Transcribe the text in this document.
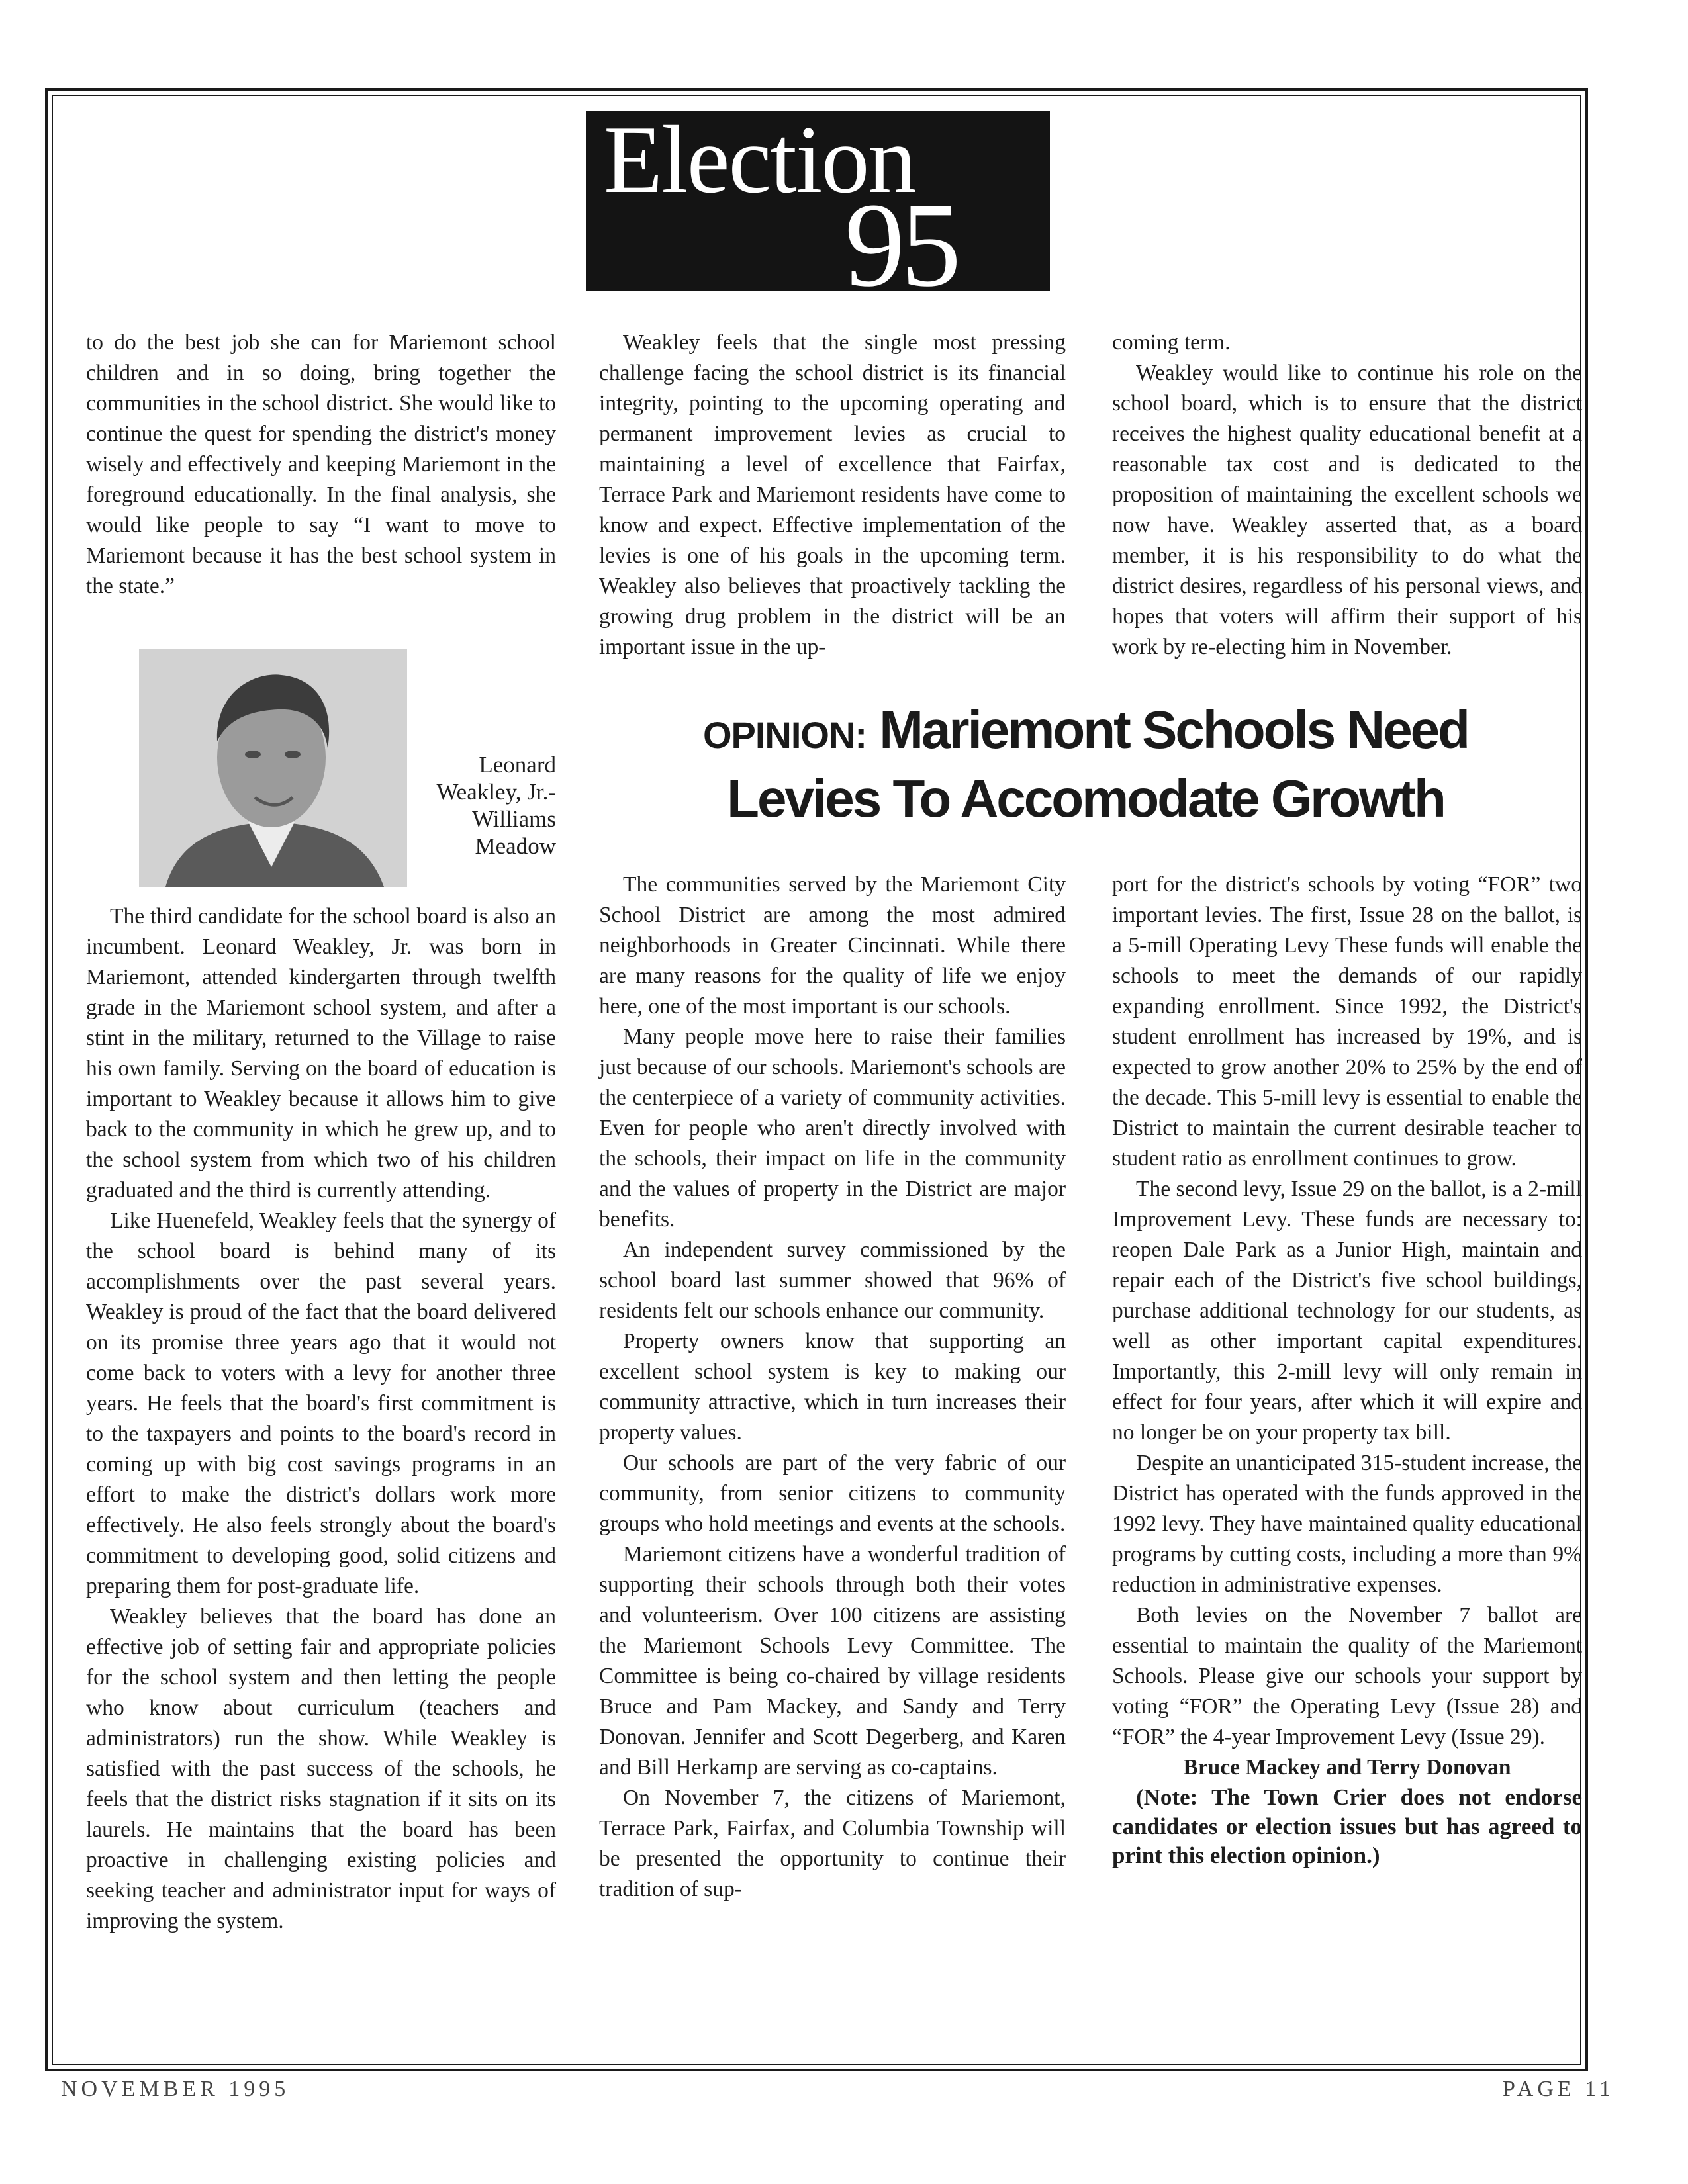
Election
95

to do the best job she can for Mariemont school children and in so doing, bring together the communities in the school district. She would like to continue the quest for spending the district's money wisely and effectively and keeping Mariemont in the foreground educationally. In the final analysis, she would like people to say “I want to move to Mariemont because it has the best school system in the state.”

Leonard Weakley, Jr.- Williams Meadow

The third candidate for the school board is also an incumbent. Leonard Weakley, Jr. was born in Mariemont, attended kindergarten through twelfth grade in the Mariemont school system, and after a stint in the military, returned to the Village to raise his own family. Serving on the board of education is important to Weakley because it allows him to give back to the community in which he grew up, and to the school system from which two of his children graduated and the third is currently attending.

Like Huenefeld, Weakley feels that the synergy of the school board is behind many of its accomplishments over the past several years. Weakley is proud of the fact that the board delivered on its promise three years ago that it would not come back to voters with a levy for another three years. He feels that the board's first commitment is to the taxpayers and points to the board's record in coming up with big cost savings programs in an effort to make the district's dollars work more effectively. He also feels strongly about the board's commitment to developing good, solid citizens and preparing them for post-graduate life.

Weakley believes that the board has done an effective job of setting fair and appropriate policies for the school system and then letting the people who know about curriculum (teachers and administrators) run the show. While Weakley is satisfied with the past success of the schools, he feels that the district risks stagnation if it sits on its laurels. He maintains that the board has been proactive in challenging existing policies and seeking teacher and administrator input for ways of improving the system.

Weakley feels that the single most pressing challenge facing the school district is its financial integrity, pointing to the upcoming operating and permanent improvement levies as crucial to maintaining a level of excellence that Fairfax, Terrace Park and Mariemont residents have come to know and expect. Effective implementation of the levies is one of his goals in the upcoming term. Weakley also believes that proactively tackling the growing drug problem in the district will be an important issue in the up-

coming term.

Weakley would like to continue his role on the school board, which is to ensure that the district receives the highest quality educational benefit at a reasonable tax cost and is dedicated to the proposition of maintaining the excellent schools we now have. Weakley asserted that, as a board member, it is his responsibility to do what the district desires, regardless of his personal views, and hopes that voters will affirm their support of his work by re-electing him in November.

OPINION: Mariemont Schools Need
Levies To Accomodate Growth

The communities served by the Mariemont City School District are among the most admired neighborhoods in Greater Cincinnati. While there are many reasons for the quality of life we enjoy here, one of the most important is our schools.

Many people move here to raise their families just because of our schools. Mariemont's schools are the centerpiece of a variety of community activities. Even for people who aren't directly involved with the schools, their impact on life in the community and the values of property in the District are major benefits.

An independent survey commissioned by the school board last summer showed that 96% of residents felt our schools enhance our community.

Property owners know that supporting an excellent school system is key to making our community attractive, which in turn increases their property values.

Our schools are part of the very fabric of our community, from senior citizens to community groups who hold meetings and events at the schools.

Mariemont citizens have a wonderful tradition of supporting their schools through both their votes and volunteerism. Over 100 citizens are assisting the Mariemont Schools Levy Committee. The Committee is being co-chaired by village residents Bruce and Pam Mackey, and Sandy and Terry Donovan. Jennifer and Scott Degerberg, and Karen and Bill Herkamp are serving as co-captains.

On November 7, the citizens of Mariemont, Terrace Park, Fairfax, and Columbia Township will be presented the opportunity to continue their tradition of sup-

port for the district's schools by voting “FOR” two important levies. The first, Issue 28 on the ballot, is a 5-mill Operating Levy These funds will enable the schools to meet the demands of our rapidly expanding enrollment. Since 1992, the District's student enrollment has increased by 19%, and is expected to grow another 20% to 25% by the end of the decade. This 5-mill levy is essential to enable the District to maintain the current desirable teacher to student ratio as enrollment continues to grow.

The second levy, Issue 29 on the ballot, is a 2-mill Improvement Levy. These funds are necessary to: reopen Dale Park as a Junior High, maintain and repair each of the District's five school buildings, purchase additional technology for our students, as well as other important capital expenditures. Importantly, this 2-mill levy will only remain in effect for four years, after which it will expire and no longer be on your property tax bill.

Despite an unanticipated 315-student increase, the District has operated with the funds approved in the 1992 levy. They have maintained quality educational programs by cutting costs, including a more than 9% reduction in administrative expenses.

Both levies on the November 7 ballot are essential to maintain the quality of the Mariemont Schools. Please give our schools your support by voting “FOR” the Operating Levy (Issue 28) and “FOR” the 4-year Improvement Levy (Issue 29).

Bruce Mackey and Terry Donovan

(Note: The Town Crier does not endorse candidates or election issues but has agreed to print this election opinion.)

NOVEMBER 1995	PAGE 11
